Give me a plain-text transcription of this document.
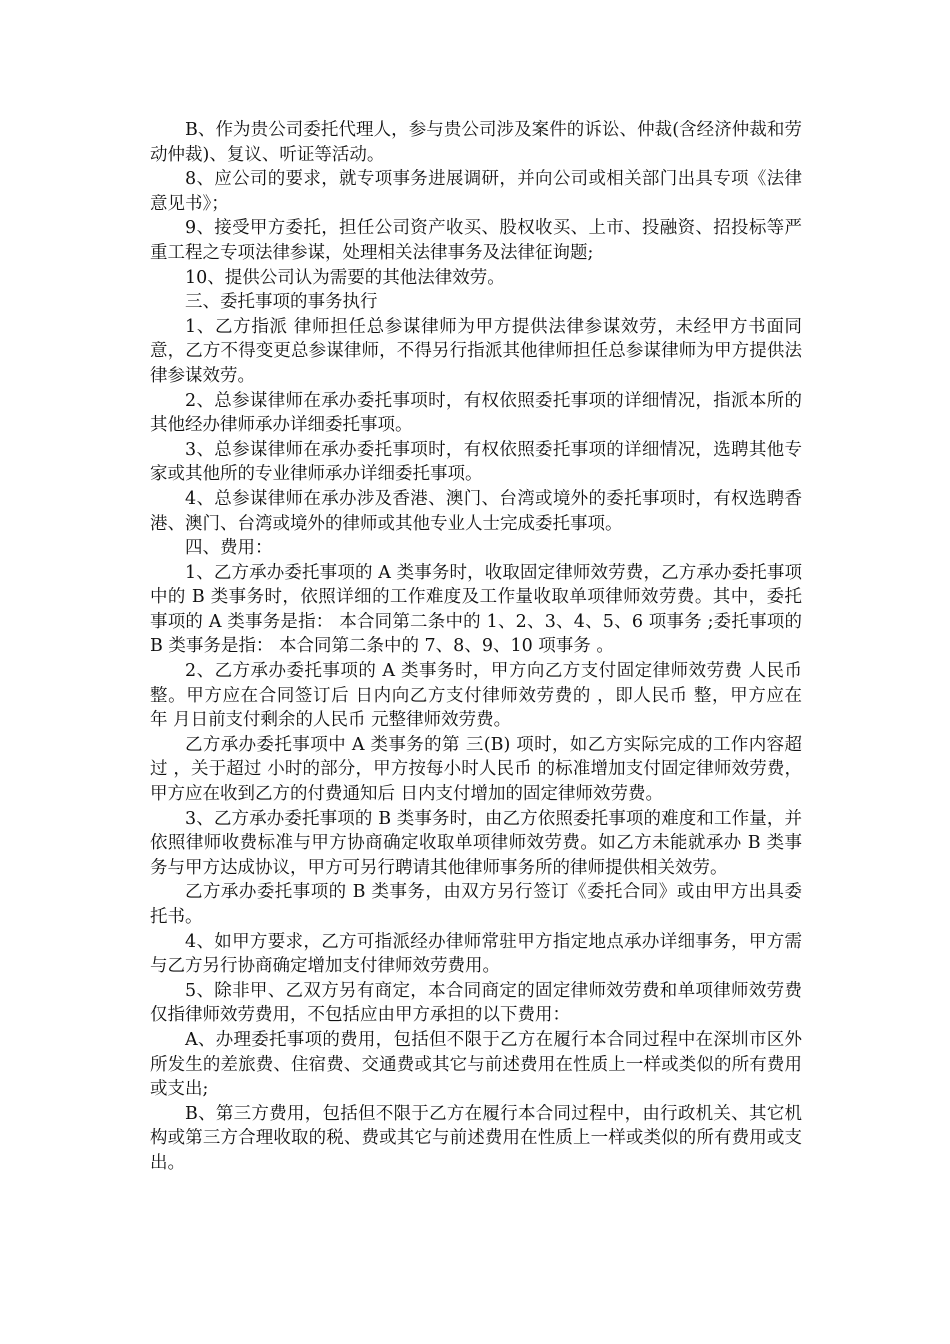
B、作为贵公司委托代理人，参与贵公司涉及案件的诉讼、仲裁(含经济仲裁和劳动仲裁)、复议、听证等活动。

8、应公司的要求，就专项事务进展调研，并向公司或相关部门出具专项《法律意见书》；

9、接受甲方委托，担任公司资产收买、股权收买、上市、投融资、招投标等严重工程之专项法律参谋，处理相关法律事务及法律征询题;

10、提供公司认为需要的其他法律效劳。

三、委托事项的事务执行

1、乙方指派 律师担任总参谋律师为甲方提供法律参谋效劳，未经甲方书面同意，乙方不得变更总参谋律师，不得另行指派其他律师担任总参谋律师为甲方提供法律参谋效劳。

2、总参谋律师在承办委托事项时，有权依照委托事项的详细情况，指派本所的其他经办律师承办详细委托事项。

3、总参谋律师在承办委托事项时，有权依照委托事项的详细情况，选聘其他专家或其他所的专业律师承办详细委托事项。

4、总参谋律师在承办涉及香港、澳门、台湾或境外的委托事项时，有权选聘香港、澳门、台湾或境外的律师或其他专业人士完成委托事项。

四、费用：

1、乙方承办委托事项的 A 类事务时，收取固定律师效劳费，乙方承办委托事项中的 B 类事务时，依照详细的工作难度及工作量收取单项律师效劳费。其中，委托事项的 A 类事务是指： 本合同第二条中的 1、2、3、4、5、6 项事务 ;委托事项的 B 类事务是指： 本合同第二条中的 7、8、9、10 项事务 。

2、乙方承办委托事项的 A 类事务时，甲方向乙方支付固定律师效劳费 人民币 整。甲方应在合同签订后 日内向乙方支付律师效劳费的 ，即人民币 整，甲方应在 年 月日前支付剩余的人民币 元整律师效劳费。

乙方承办委托事项中 A 类事务的第 三(B) 项时，如乙方实际完成的工作内容超过 ，关于超过 小时的部分，甲方按每小时人民币 的标准增加支付固定律师效劳费，甲方应在收到乙方的付费通知后 日内支付增加的固定律师效劳费。

3、乙方承办委托事项的 B 类事务时，由乙方依照委托事项的难度和工作量，并依照律师收费标准与甲方协商确定收取单项律师效劳费。如乙方未能就承办 B 类事务与甲方达成协议，甲方可另行聘请其他律师事务所的律师提供相关效劳。

乙方承办委托事项的 B 类事务，由双方另行签订《委托合同》或由甲方出具委托书。

4、如甲方要求，乙方可指派经办律师常驻甲方指定地点承办详细事务，甲方需与乙方另行协商确定增加支付律师效劳费用。

5、除非甲、乙双方另有商定，本合同商定的固定律师效劳费和单项律师效劳费仅指律师效劳费用，不包括应由甲方承担的以下费用：

A、办理委托事项的费用，包括但不限于乙方在履行本合同过程中在深圳市区外所发生的差旅费、住宿费、交通费或其它与前述费用在性质上一样或类似的所有费用或支出;

B、第三方费用，包括但不限于乙方在履行本合同过程中，由行政机关、其它机构或第三方合理收取的税、费或其它与前述费用在性质上一样或类似的所有费用或支出。
